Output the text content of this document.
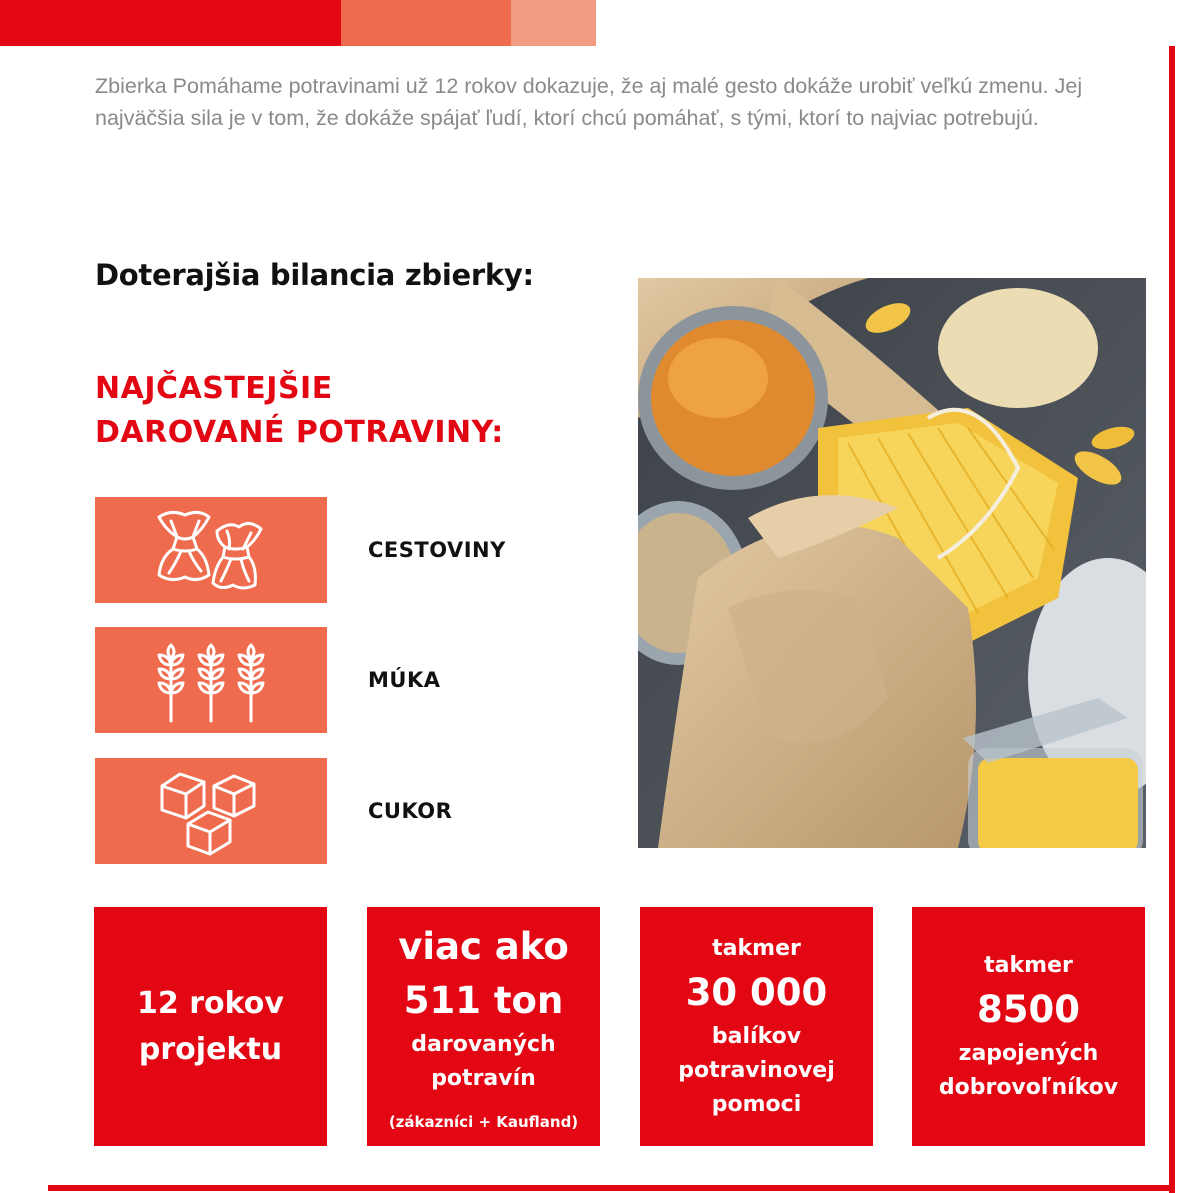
Zbierka Pomáhame potravinami už 12 rokov dokazuje, že aj malé gesto dokáže urobiť veľkú zmenu. Jej najväčšia sila je v tom, že dokáže spájať ľudí, ktorí chcú pomáhať, s tými, ktorí to najviac potrebujú.

Doterajšia bilancia zbierky:
NAJČASTEJŠIE
DAROVANÉ POTRAVINY:
CESTOVINY
MÚKA
CUKOR
12 rokov
projektu
viac ako
511 ton
darovaných
potravín
(zákazníci + Kaufland)
takmer
30 000
balíkov
potravinovej
pomoci
takmer
8500
zapojených
dobrovoľníkov
